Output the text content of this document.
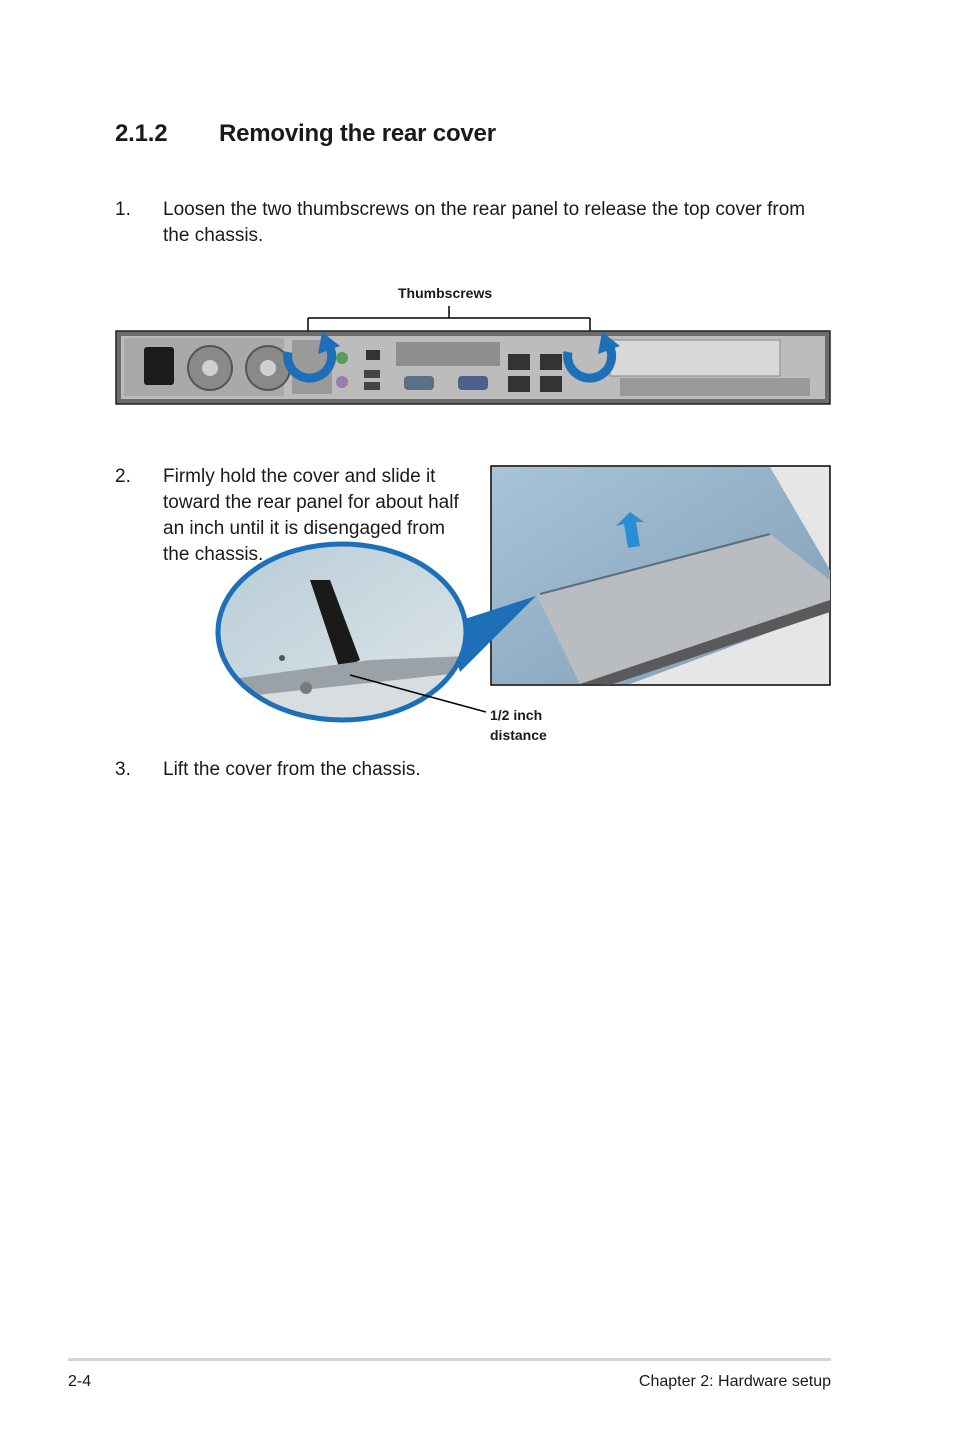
2.1.2 Removing the rear cover
1. Loosen the two thumbscrews on the rear panel to release the top cover from
the chassis.
Thumbscrews
2. Firmly hold the cover and slide it
toward the rear panel for about half
an inch until it is disengaged from
the chassis.
1/2 inch
distance
3. Lift the cover from the chassis.
2-4	Chapter 2: Hardware setup
